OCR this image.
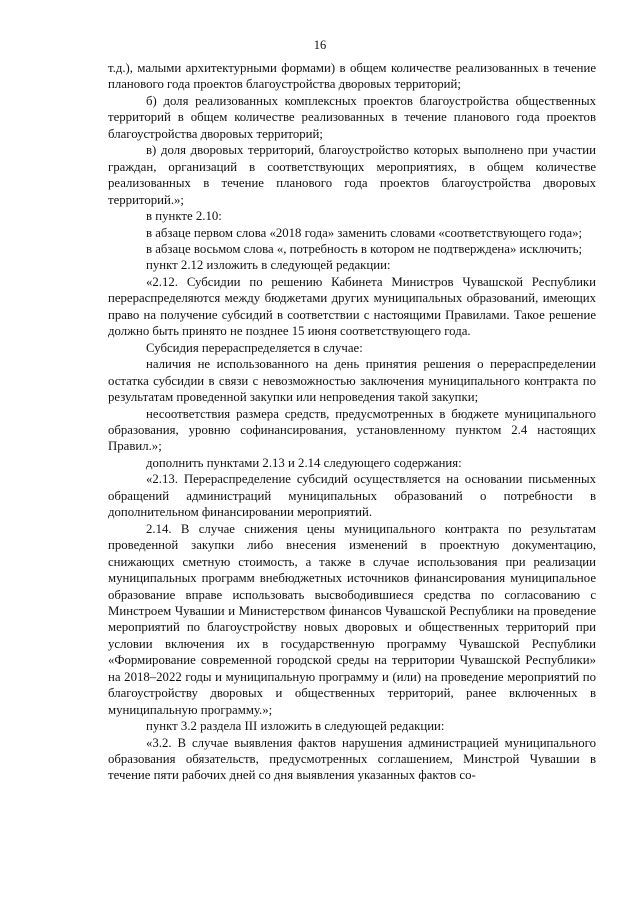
16

т.д.), малыми архитектурными формами) в общем количестве реализованных в течение планового года проектов благоустройства дворовых территорий;

б) доля реализованных комплексных проектов благоустройства общественных территорий в общем количестве реализованных в течение планового года проектов благоустройства дворовых территорий;

в) доля дворовых территорий, благоустройство которых выполнено при участии граждан, организаций в соответствующих мероприятиях, в общем количестве реализованных в течение планового года проектов благоустройства дворовых территорий.»;

в пункте 2.10:

в абзаце первом слова «2018 года» заменить словами «соответствующего года»;

в абзаце восьмом слова «, потребность в котором не подтверждена» исключить;

пункт 2.12 изложить в следующей редакции:

«2.12. Субсидии по решению Кабинета Министров Чувашской Республики перераспределяются между бюджетами других муниципальных образований, имеющих право на получение субсидий в соответствии с настоящими Правилами. Такое решение должно быть принято не позднее 15 июня соответствующего года.

Субсидия перераспределяется в случае:

наличия не использованного на день принятия решения о перераспределении остатка субсидии в связи с невозможностью заключения муниципального контракта по результатам проведенной закупки или непроведения такой закупки;

несоответствия размера средств, предусмотренных в бюджете муниципального образования, уровню софинансирования, установленному пунктом 2.4 настоящих Правил.»;

дополнить пунктами 2.13 и 2.14 следующего содержания:

«2.13. Перераспределение субсидий осуществляется на основании письменных обращений администраций муниципальных образований о потребности в дополнительном финансировании мероприятий.

2.14. В случае снижения цены муниципального контракта по результатам проведенной закупки либо внесения изменений в проектную документацию, снижающих сметную стоимость, а также в случае использования при реализации муниципальных программ внебюджетных источников финансирования муниципальное образование вправе использовать высвободившиеся средства по согласованию с Минстроем Чувашии и Министерством финансов Чувашской Республики на проведение мероприятий по благоустройству новых дворовых и общественных территорий при условии включения их в государственную программу Чувашской Республики «Формирование современной городской среды на территории Чувашской Республики» на 2018–2022 годы и муниципальную программу и (или) на проведение мероприятий по благоустройству дворовых и общественных территорий, ранее включенных в муниципальную программу.»;

пункт 3.2 раздела III изложить в следующей редакции:

«3.2. В случае выявления фактов нарушения администрацией муниципального образования обязательств, предусмотренных соглашением, Минстрой Чувашии в течение пяти рабочих дней со дня выявления указанных фактов со-
